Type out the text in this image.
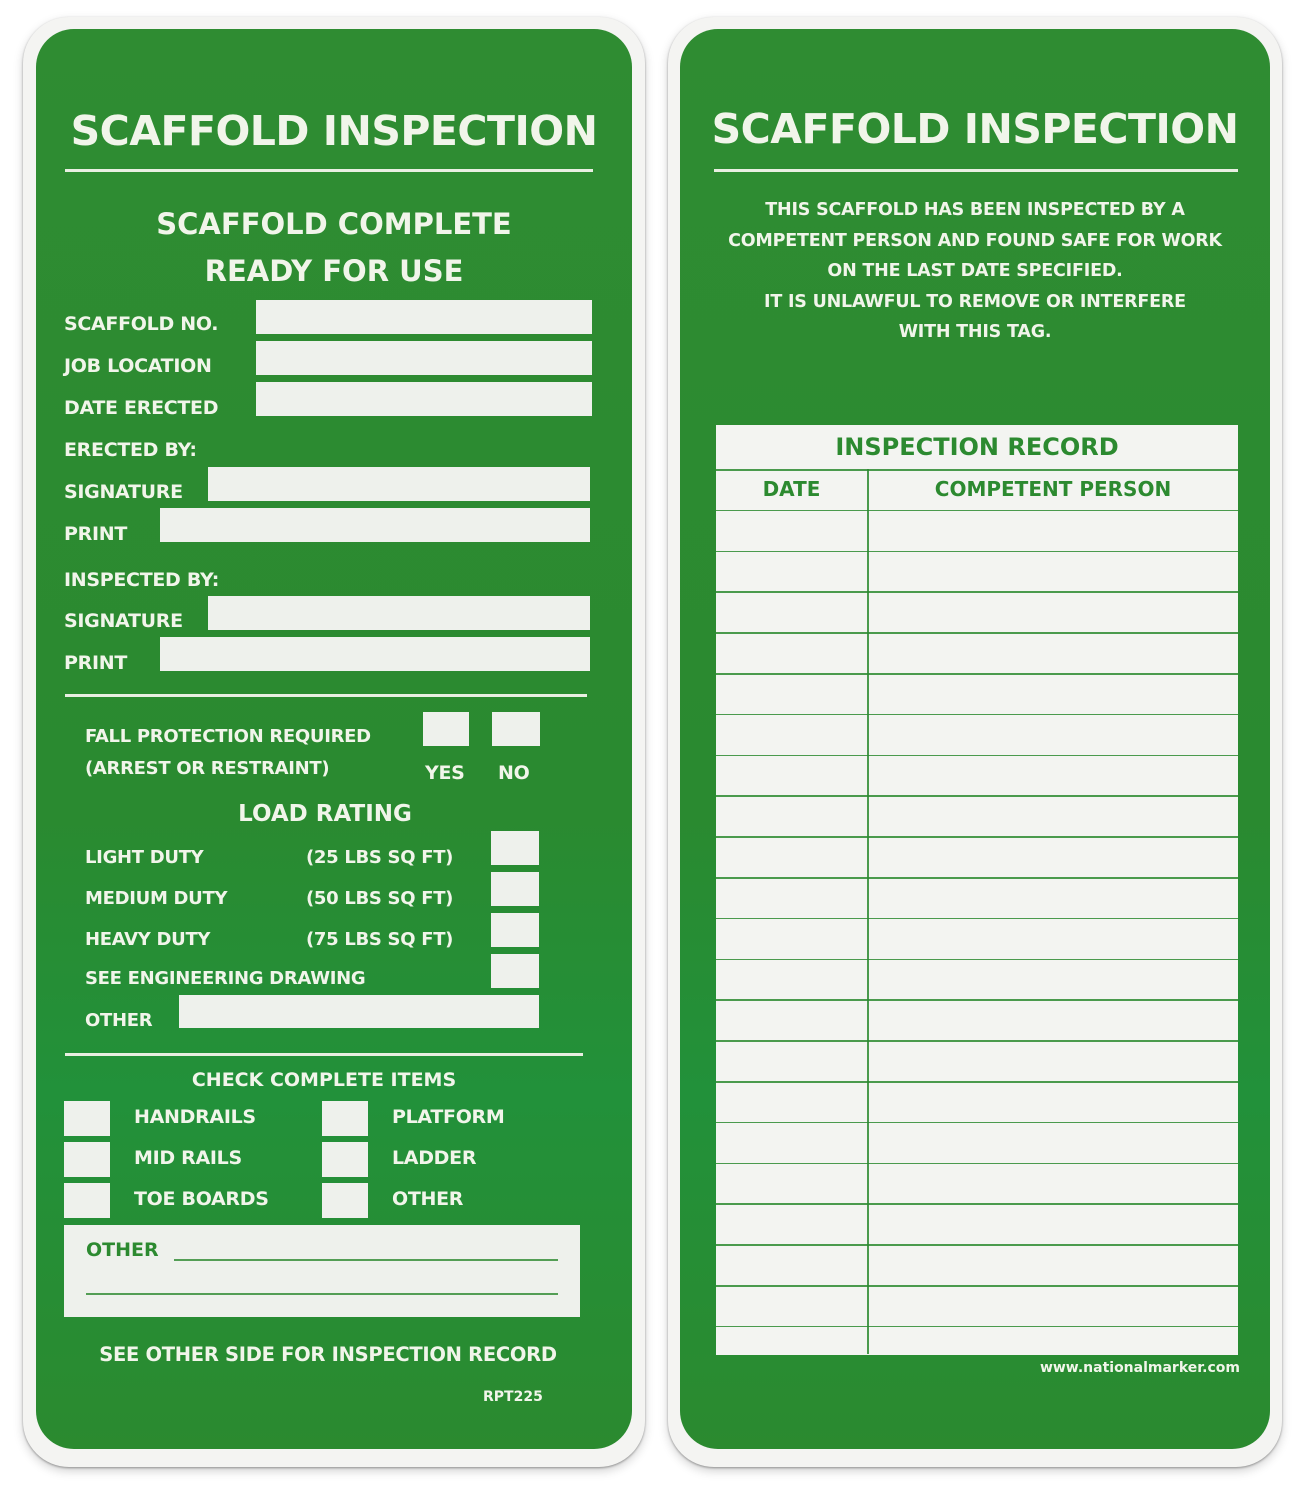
SCAFFOLD INSPECTION
SCAFFOLD COMPLETE
READY FOR USE
SCAFFOLD NO.
JOB LOCATION
DATE ERECTED
ERECTED BY:
SIGNATURE
PRINT
INSPECTED BY:
SIGNATURE
PRINT
FALL PROTECTION REQUIRED
(ARREST OR RESTRAINT)	YES NO
LOAD RATING
LIGHT DUTY	(25 LBS SQ FT)
MEDIUM DUTY	(50 LBS SQ FT)
HEAVY DUTY	(75 LBS SQ FT)
SEE ENGINEERING DRAWING
OTHER
CHECK COMPLETE ITEMS
HANDRAILS	PLATFORM
MID RAILS	LADDER
TOE BOARDS	OTHER
OTHER
SEE OTHER SIDE FOR INSPECTION RECORD
RPT225
SCAFFOLD INSPECTION
THIS SCAFFOLD HAS BEEN INSPECTED BY A
COMPETENT PERSON AND FOUND SAFE FOR WORK
ON THE LAST DATE SPECIFIED.
IT IS UNLAWFUL TO REMOVE OR INTERFERE
WITH THIS TAG.
INSPECTION RECORD
DATE	COMPETENT PERSON
www.nationalmarker.com
